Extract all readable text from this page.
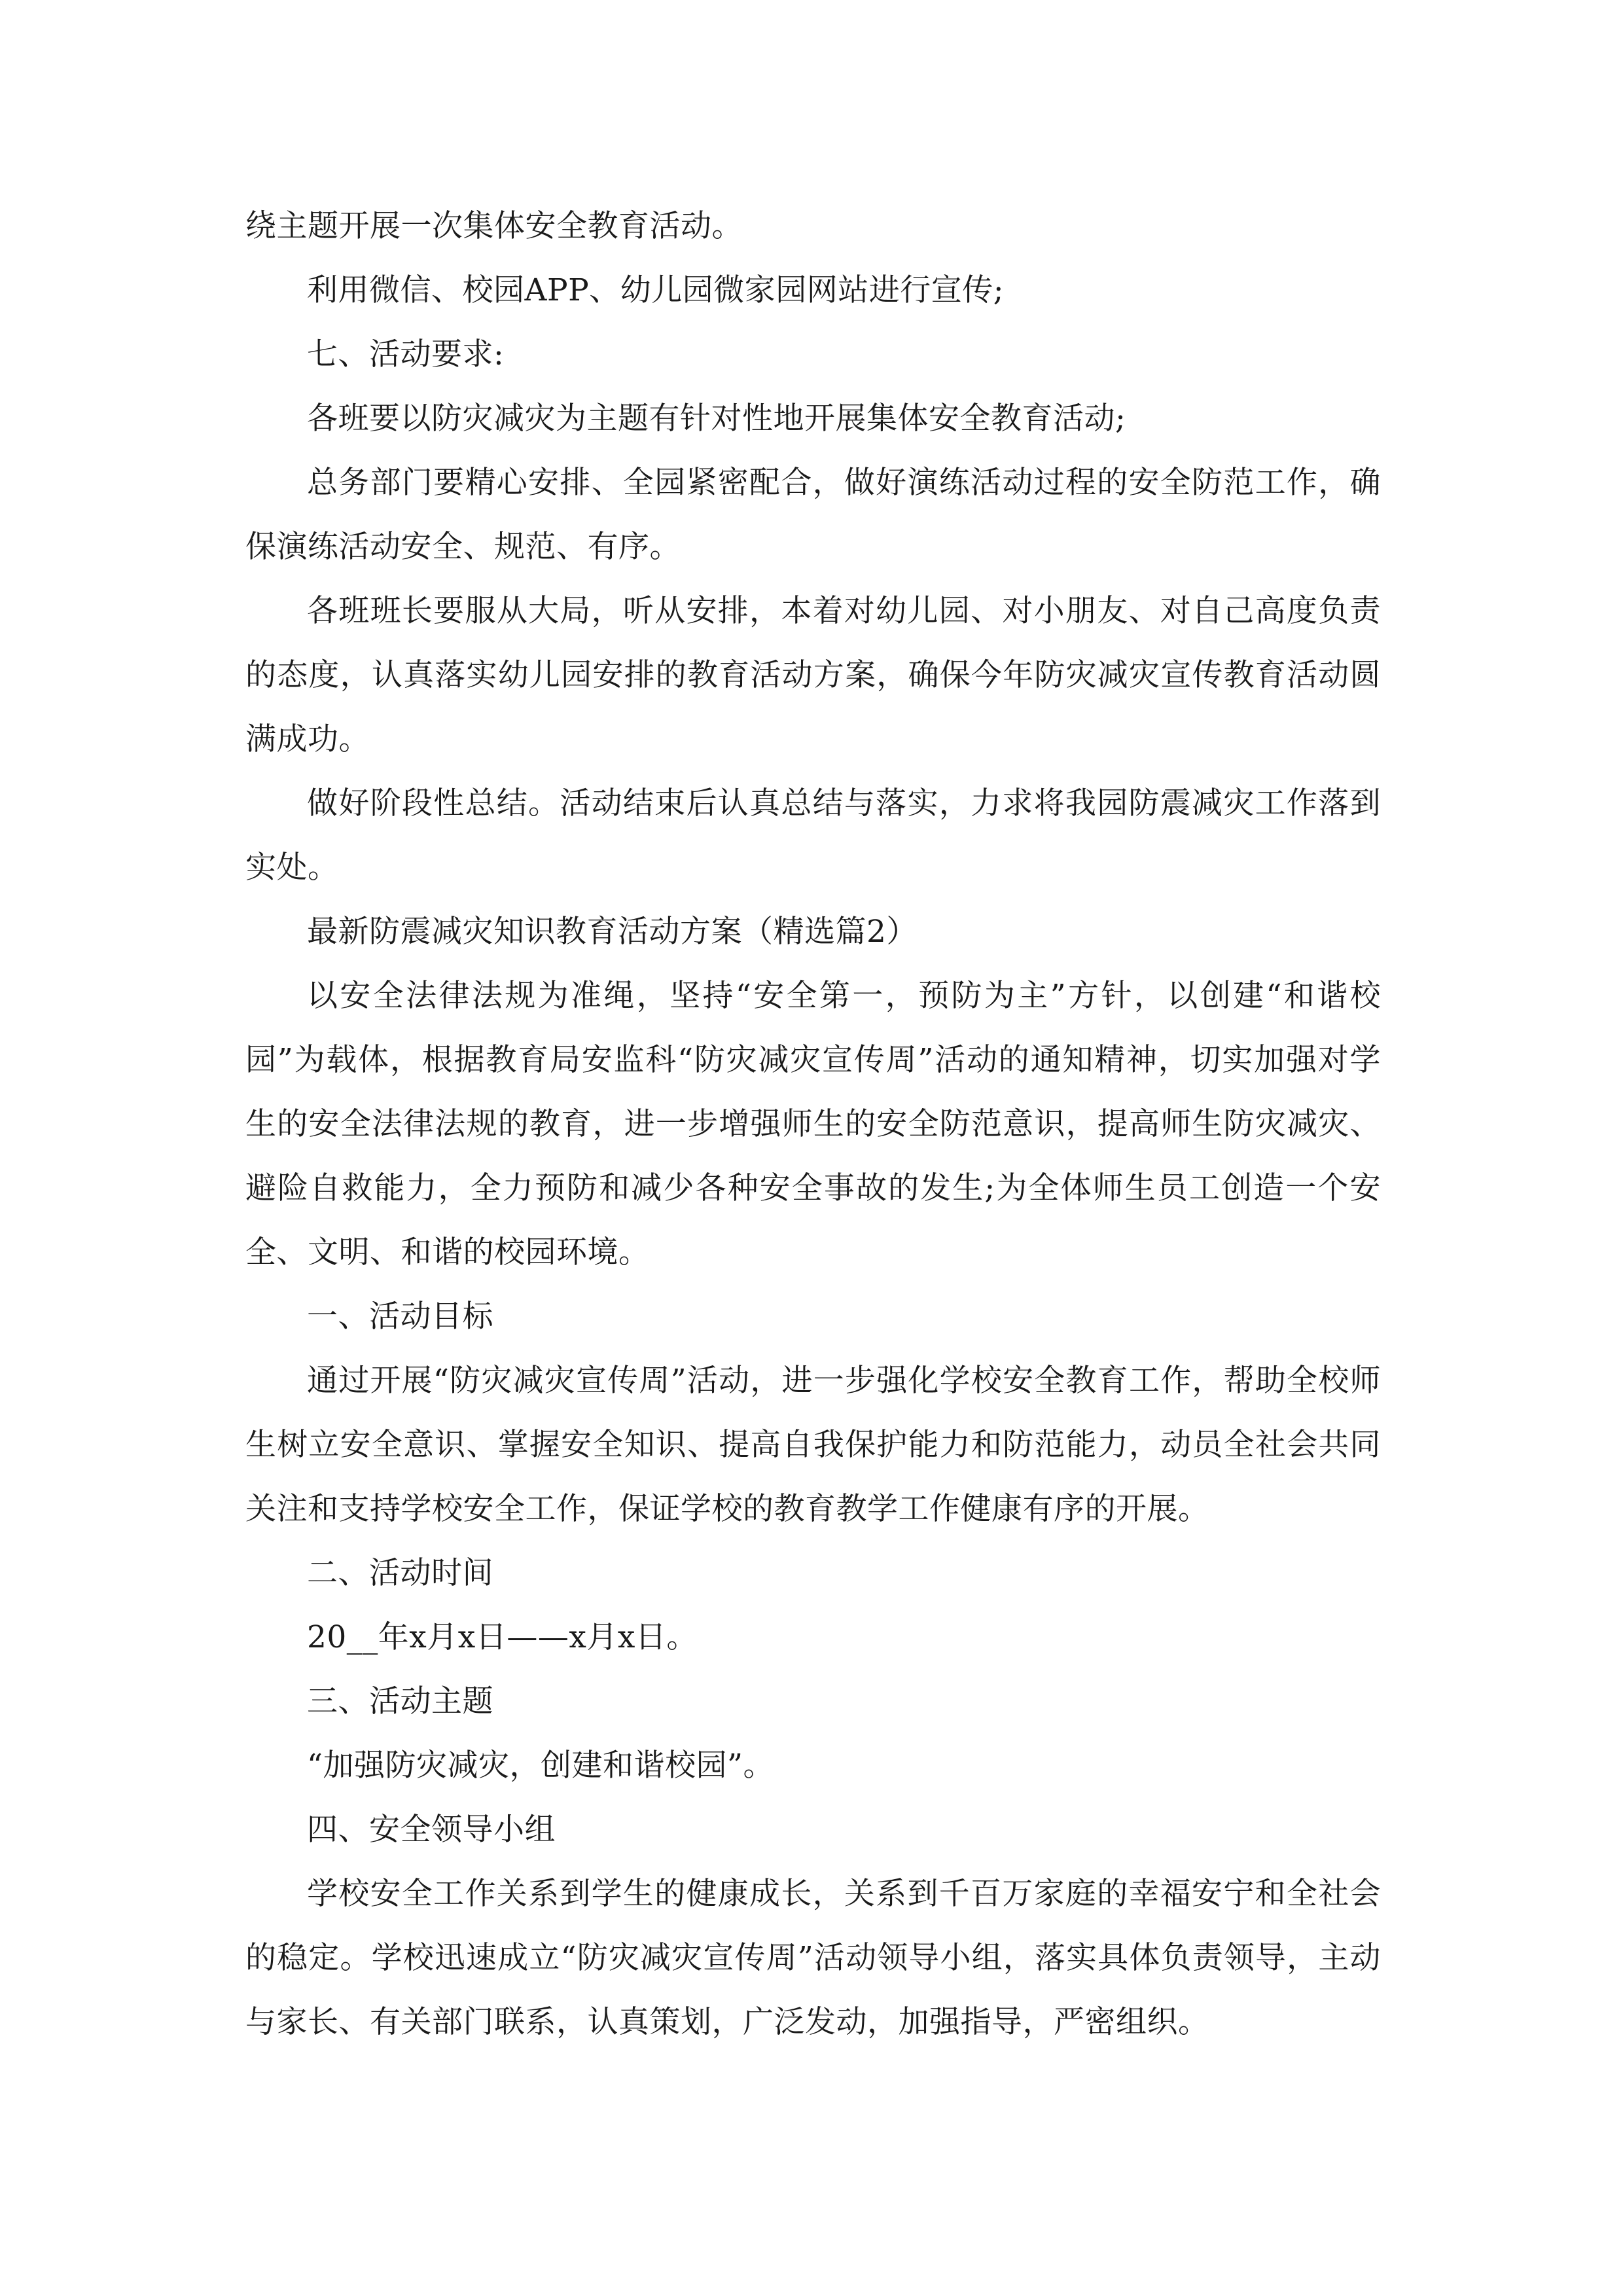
绕主题开展一次集体安全教育活动。

利用微信、校园APP、幼儿园微家园网站进行宣传;

七、活动要求:

各班要以防灾减灾为主题有针对性地开展集体安全教育活动;

总务部门要精心安排、全园紧密配合，做好演练活动过程的安全防范工作，确保演练活动安全、规范、有序。

各班班长要服从大局，听从安排，本着对幼儿园、对小朋友、对自己高度负责的态度，认真落实幼儿园安排的教育活动方案，确保今年防灾减灾宣传教育活动圆满成功。

做好阶段性总结。活动结束后认真总结与落实，力求将我园防震减灾工作落到实处。

最新防震减灾知识教育活动方案（精选篇2）

以安全法律法规为准绳，坚持“安全第一，预防为主”方针，以创建“和谐校园”为载体，根据教育局安监科“防灾减灾宣传周”活动的通知精神，切实加强对学生的安全法律法规的教育，进一步增强师生的安全防范意识，提高师生防灾减灾、避险自救能力，全力预防和减少各种安全事故的发生;为全体师生员工创造一个安全、文明、和谐的校园环境。

一、活动目标

通过开展“防灾减灾宣传周”活动，进一步强化学校安全教育工作，帮助全校师生树立安全意识、掌握安全知识、提高自我保护能力和防范能力，动员全社会共同关注和支持学校安全工作，保证学校的教育教学工作健康有序的开展。

二、活动时间

20__年x月x日——x月x日。

三、活动主题

“加强防灾减灾，创建和谐校园”。

四、安全领导小组

学校安全工作关系到学生的健康成长，关系到千百万家庭的幸福安宁和全社会的稳定。学校迅速成立“防灾减灾宣传周”活动领导小组，落实具体负责领导，主动与家长、有关部门联系，认真策划，广泛发动，加强指导，严密组织。
